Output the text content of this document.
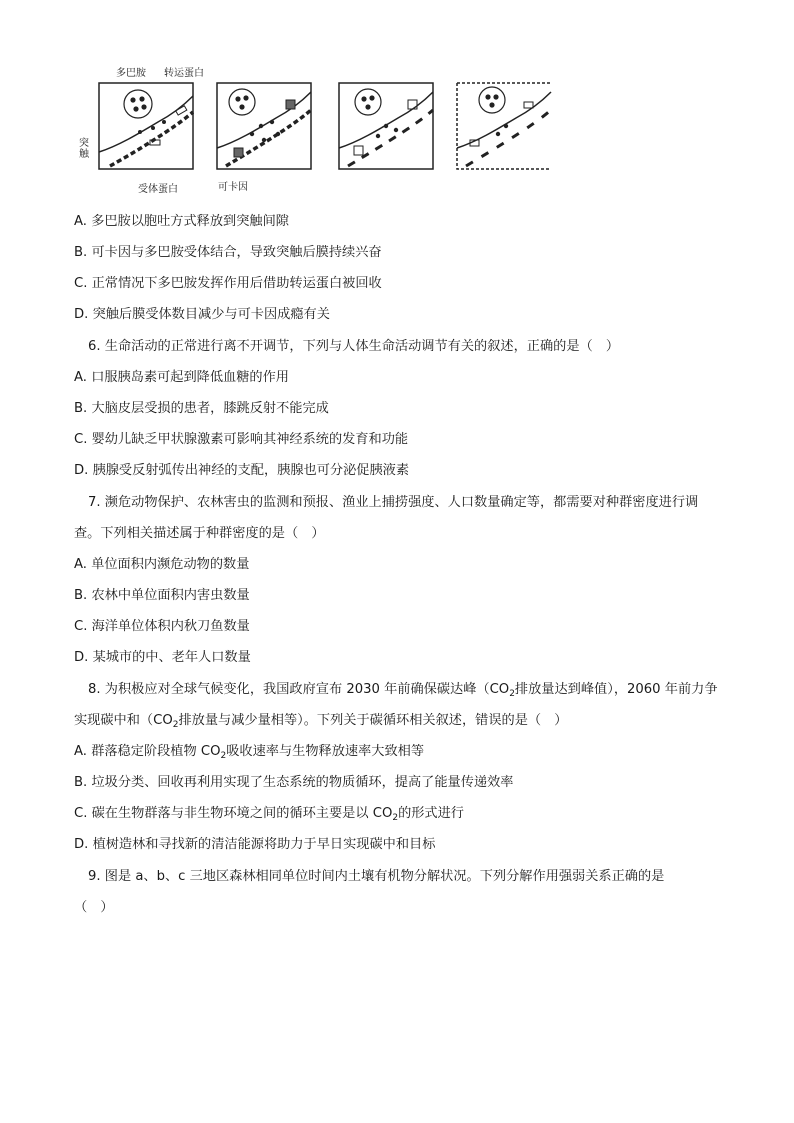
多巴胺 转运蛋白
突触
受体蛋白	可卡因
A. 多巴胺以胞吐方式释放到突触间隙
B. 可卡因与多巴胺受体结合，导致突触后膜持续兴奋
C. 正常情况下多巴胺发挥作用后借助转运蛋白被回收
D. 突触后膜受体数目减少与可卡因成瘾有关
6. 生命活动的正常进行离不开调节，下列与人体生命活动调节有关的叙述，正确的是（　）
A. 口服胰岛素可起到降低血糖的作用
B. 大脑皮层受损的患者，膝跳反射不能完成
C. 婴幼儿缺乏甲状腺激素可影响其神经系统的发育和功能
D. 胰腺受反射弧传出神经的支配，胰腺也可分泌促胰液素
7. 濒危动物保护、农林害虫的监测和预报、渔业上捕捞强度、人口数量确定等，都需要对种群密度进行调
查。下列相关描述属于种群密度的是（　）
A. 单位面积内濒危动物的数量
B. 农林中单位面积内害虫数量
C. 海洋单位体积内秋刀鱼数量
D. 某城市的中、老年人口数量
8. 为积极应对全球气候变化，我国政府宣布 2030 年前确保碳达峰（$CO_2$排放量达到峰值），2060 年前力争
实现碳中和（$CO_2$排放量与减少量相等）。下列关于碳循环相关叙述，错误的是（　）
A. 群落稳定阶段植物 $CO_2$吸收速率与生物释放速率大致相等
B. 垃圾分类、回收再利用实现了生态系统的物质循环，提高了能量传递效率
C. 碳在生物群落与非生物环境之间的循环主要是以 $CO_2$的形式进行
D. 植树造林和寻找新的清洁能源将助力于早日实现碳中和目标
9. 图是 a、b、c 三地区森林相同单位时间内土壤有机物分解状况。下列分解作用强弱关系正确的是
（　）
